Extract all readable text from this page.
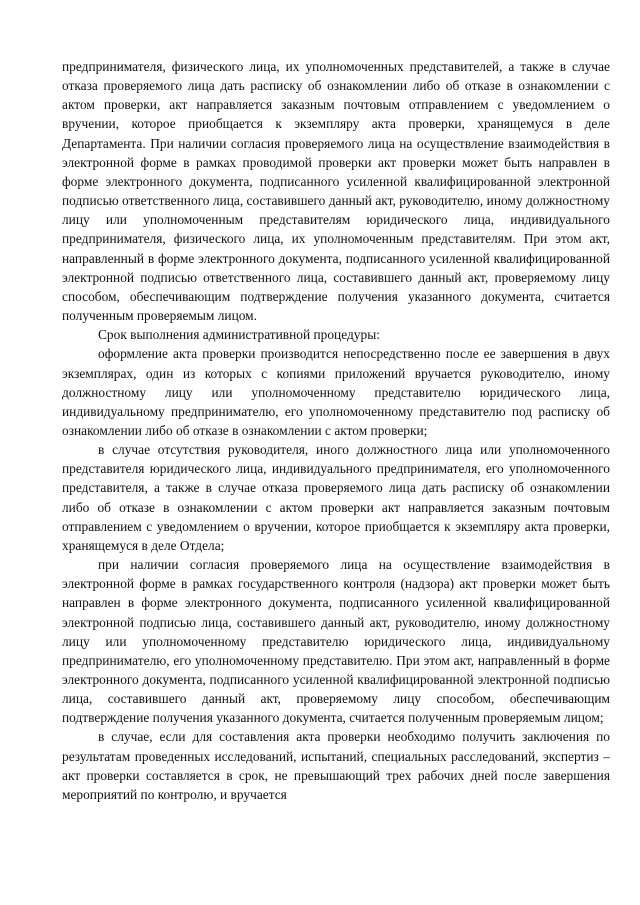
предпринимателя, физического лица, их уполномоченных представителей, а также в случае отказа проверяемого лица дать расписку об ознакомлении либо об отказе в ознакомлении с актом проверки, акт направляется заказным почтовым отправлением с уведомлением о вручении, которое приобщается к экземпляру акта проверки, хранящемуся в деле Департамента. При наличии согласия проверяемого лица на осуществление взаимодействия в электронной форме в рамках проводимой проверки акт проверки может быть направлен в форме электронного документа, подписанного усиленной квалифицированной электронной подписью ответственного лица, составившего данный акт, руководителю, иному должностному лицу или уполномоченным представителям юридического лица, индивидуального предпринимателя, физического лица, их уполномоченным представителям. При этом акт, направленный в форме электронного документа, подписанного усиленной квалифицированной электронной подписью ответственного лица, составившего данный акт, проверяемому лицу способом, обеспечивающим подтверждение получения указанного документа, считается полученным проверяемым лицом.

Срок выполнения административной процедуры:

оформление акта проверки производится непосредственно после ее завершения в двух экземплярах, один из которых с копиями приложений вручается руководителю, иному должностному лицу или уполномоченному представителю юридического лица, индивидуальному предпринимателю, его уполномоченному представителю под расписку об ознакомлении либо об отказе в ознакомлении с актом проверки;

в случае отсутствия руководителя, иного должностного лица или уполномоченного представителя юридического лица, индивидуального предпринимателя, его уполномоченного представителя, а также в случае отказа проверяемого лица дать расписку об ознакомлении либо об отказе в ознакомлении с актом проверки акт направляется заказным почтовым отправлением с уведомлением о вручении, которое приобщается к экземпляру акта проверки, хранящемуся в деле Отдела;

при наличии согласия проверяемого лица на осуществление взаимодействия в электронной форме в рамках государственного контроля (надзора) акт проверки может быть направлен в форме электронного документа, подписанного усиленной квалифицированной электронной подписью лица, составившего данный акт, руководителю, иному должностному лицу или уполномоченному представителю юридического лица, индивидуальному предпринимателю, его уполномоченному представителю. При этом акт, направленный в форме электронного документа, подписанного усиленной квалифицированной электронной подписью лица, составившего данный акт, проверяемому лицу способом, обеспечивающим подтверждение получения указанного документа, считается полученным проверяемым лицом;

в случае, если для составления акта проверки необходимо получить заключения по результатам проведенных исследований, испытаний, специальных расследований, экспертиз – акт проверки составляется в срок, не превышающий трех рабочих дней после завершения мероприятий по контролю, и вручается
